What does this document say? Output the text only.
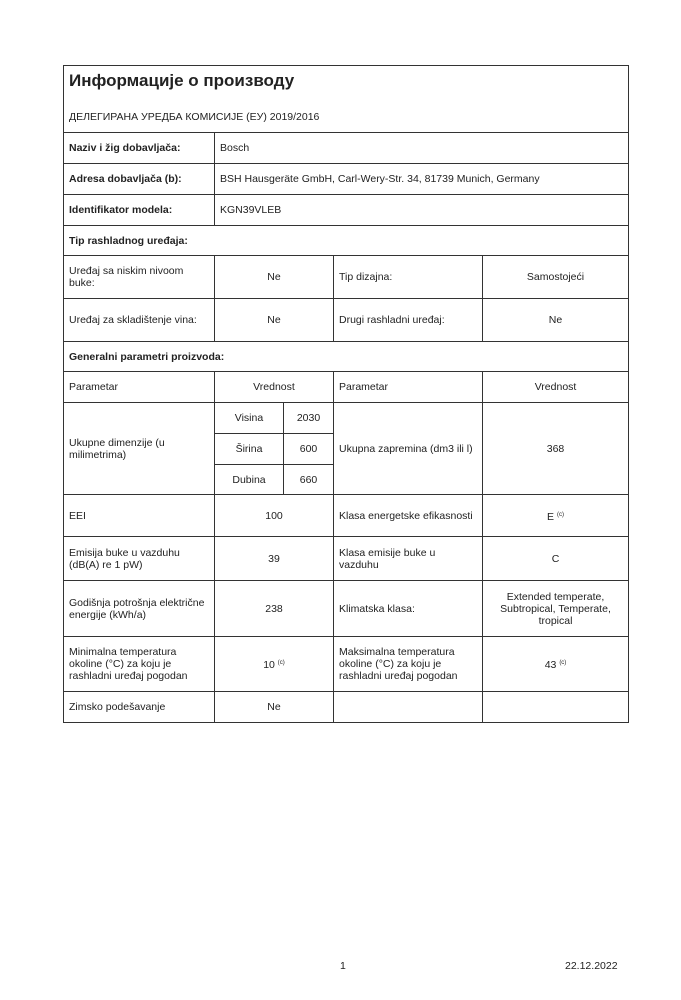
Информације о производу				
ДЕЛЕГИРАНА УРЕДБА КОМИСИЈЕ (ЕУ) 2019/2016				
Naziv i žig dobavljača:	Bosch			
Adresa dobavljača (b):	BSH Hausgeräte GmbH, Carl-Wery-Str. 34, 81739 Munich, Germany			
Identifikator modela:	KGN39VLEB			
Tip rashladnog uređaja:				
Uređaj sa niskim nivoom buke:	Ne		Tip dizajna:	Samostojeći
Uređaj za skladištenje vina:	Ne		Drugi rashladni uređaj:	Ne
Generalni parametri proizvoda:				
Parametar	Vrednost		Parametar	Vrednost
Ukupne dimenzije (u milimetrima)	Visina	2030	Ukupna zapremina (dm3 ili l)	368
	Širina	600		
	Dubina	660		
EEI	100		Klasa energetske efikasnosti	E $^{(c)}$
Emisija buke u vazduhu (dB(A) re 1 pW)	39		Klasa emisije buke u vazduhu	C
Godišnja potrošnja električne energije (kWh/a)	238		Klimatska klasa:	Extended temperate, Subtropical, Temperate, tropical
Minimalna temperatura okoline (°C) za koju je rashladni uređaj pogodan	10 $^{(c)}$		Maksimalna temperatura okoline (°C) za koju je rashladni uređaj pogodan	43 $^{(c)}$
Zimsko podešavanje	Ne			
1	22.12.2022
